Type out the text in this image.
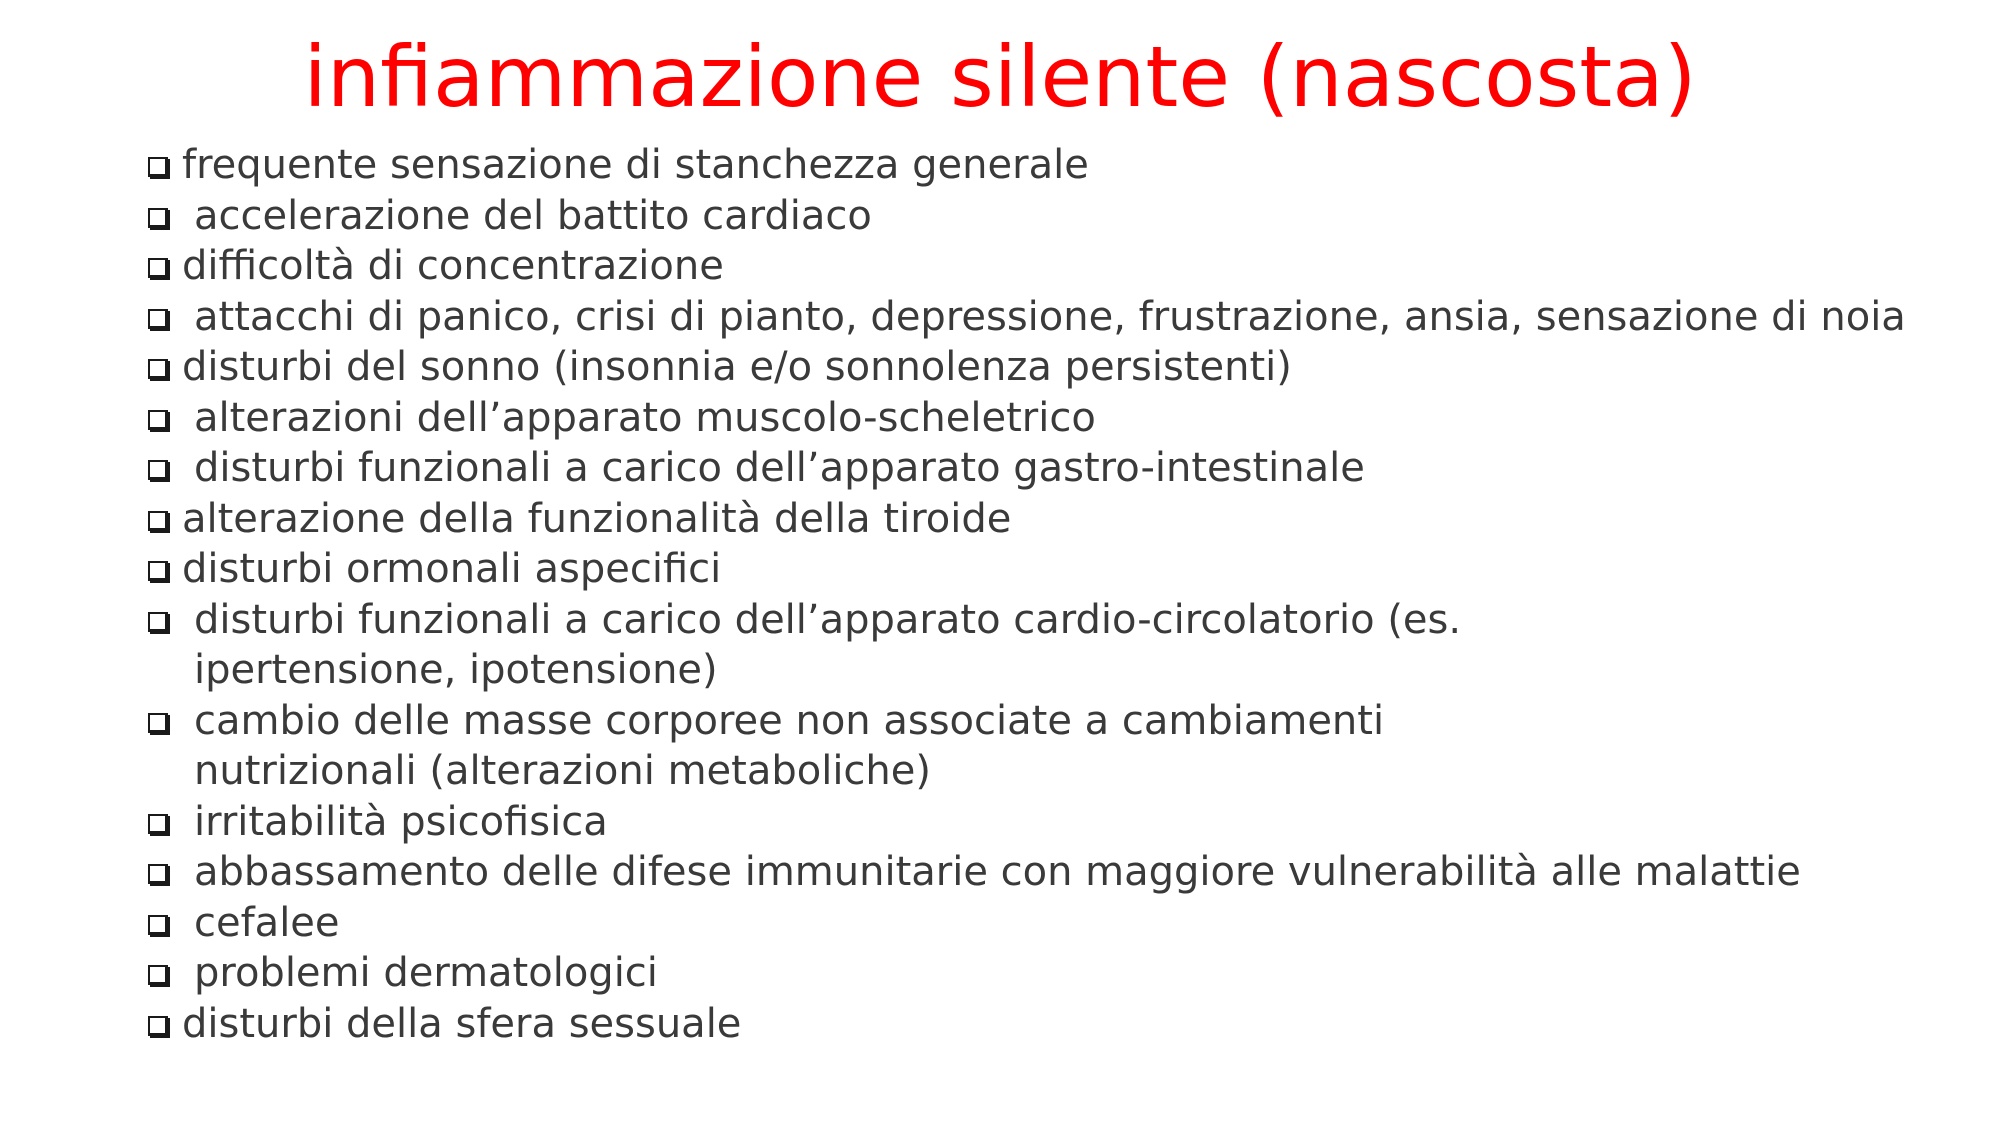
infiammazione silente (nascosta)
frequente sensazione di stanchezza generale
accelerazione del battito cardiaco
difficoltà di concentrazione
attacchi di panico, crisi di pianto, depressione, frustrazione, ansia, sensazione di noia
disturbi del sonno (insonnia e/o sonnolenza persistenti)
alterazioni dell’apparato muscolo-scheletrico
disturbi funzionali a carico dell’apparato gastro-intestinale
alterazione della funzionalità della tiroide
disturbi ormonali aspecifici
disturbi funzionali a carico dell’apparato cardio-circolatorio (es. ipertensione, ipotensione)
cambio delle masse corporee non associate a cambiamenti nutrizionali (alterazioni metaboliche)
irritabilità psicofisica
abbassamento delle difese immunitarie con maggiore vulnerabilità alle malattie
cefalee
problemi dermatologici
disturbi della sfera sessuale
